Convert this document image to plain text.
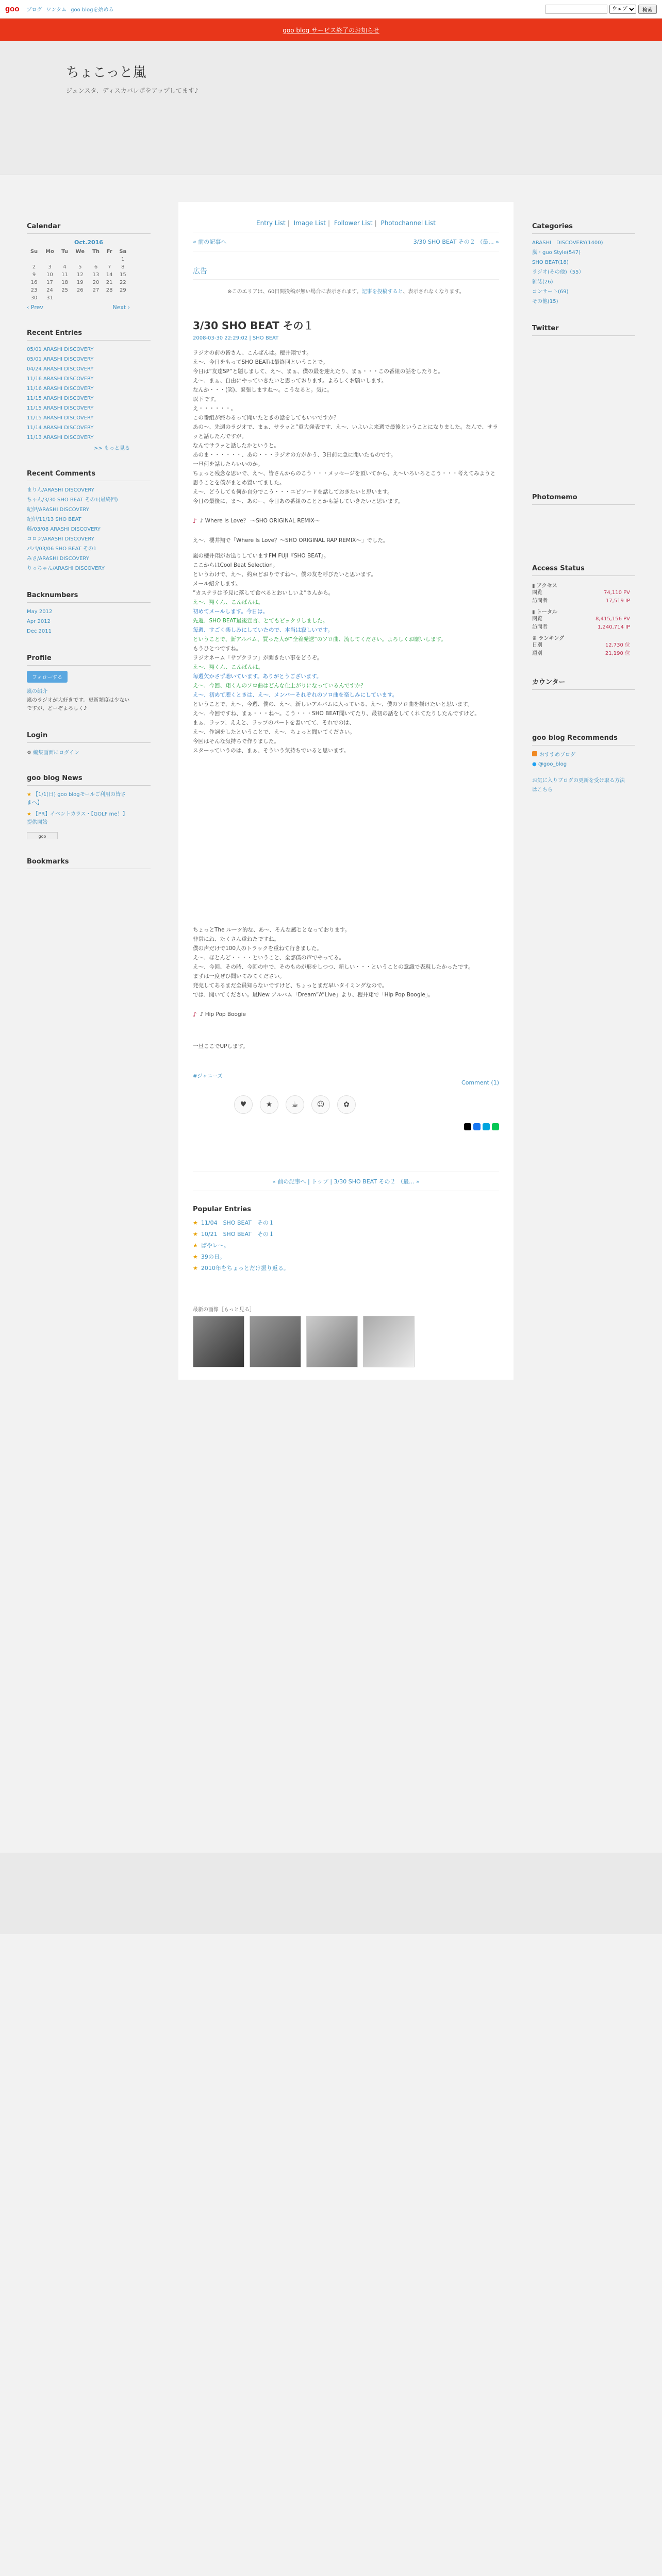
goo ブログ ワンタム goo blogを始める
ウェブ	検索
goo blog サービス終了のお知らせ
ちょこっと嵐
ジュンスタ、ディスカバレポをアップしてます♪
Calendar
Oct.2016
Su	Mo	Tu	We	Th	Fr	Sa
						1
2	3	4	5	6	7	8
9	10	11	12	13	14	15
16	17	18	19	20	21	22
23	24	25	26	27	28	29
30	31					
‹ Prev	Next ›
Recent Entries
05/01 ARASHI DISCOVERY
05/01 ARASHI DISCOVERY
04/24 ARASHI DISCOVERY
11/16 ARASHI DISCOVERY
11/16 ARASHI DISCOVERY
11/15 ARASHI DISCOVERY
11/15 ARASHI DISCOVERY
11/15 ARASHI DISCOVERY
11/14 ARASHI DISCOVERY
11/13 ARASHI DISCOVERY
>> もっと見る
Recent Comments
まりん/ARASHI DISCOVERY
ちゃん/3/30 SHO BEAT その1(最終回)
紀伊/ARASHI DISCOVERY
紀伊/11/13 SHO BEAT
藤/03/08 ARASHI DISCOVERY
コロン/ARASHI DISCOVERY
パパ/03/06 SHO BEAT その1
みさ/ARASHI DISCOVERY
りっちゃん/ARASHI DISCOVERY
Backnumbers
May 2012
Apr 2012
Dec 2011
Profile
フォローする
嵐の紹介
嵐のラジオが大好きです。更新頻度は少ないですが、どーぞよろしく♪
Login
⚙ 編集画面にログイン
goo blog News
★ 【1/1(日) goo blogモールご利用の皆さまへ】
★ 【PR】イベントカラス・【GOLF me！】提供開始
goo
Bookmarks
Entry List | Image List | Follower List | Photochannel List
« 前の記事へ	3/30 SHO BEAT その２ （最... »
広告
※このエリアは、60日間投稿が無い場合に表示されます。記事を投稿すると、表示されなくなります。
3/30 SHO BEAT その１
2008-03-30 22:29:02 | SHO BEAT

ラジオの前の皆さん、こんばんは。櫻井翔です。

え～、今日をもってSHO BEATは最終回ということで。

今日は”友達SP”と題しまして、え～、まぁ、僕の最を迎えたり、まぁ・・・この番組の話をしたりと。

え～、まぁ、自由にやっていきたいと思っております。よろしくお願いします。

なんか・・・(笑)、緊張しますね～。こうなると。気に。

以下です。

え・・・・・・。

この番組が終わるって聞いたときの話をしてもいいですか？

あの～、先週のラジオで、まぁ、サラッと”重大発表です、え～、いよいよ来週で最後ということになりました。なんで、サラッと話したんですが。

なんでサラッと話したかというと。

あのま・・・・・・、あの・・・ラジオの方がかう、3日前に急に聞いたものです。

一旦何を話したらいいのか。

ちょっと残念な思いで、え～、皆さんからのこう・・・メッセージを頂いてから、え～いろいろとこう・・・考えてみようと思うことを僕がまとめ置いてました。

え～、どうしても何か自分でこう・・・エピソードを話しておきたいと思います。

今日の最後に、ま～、あのー、今日あの番組のこととかも話していきたいと思います。

♪ ♪ Where Is Love？ ～SHO ORIGINAL REMIX～

え～、櫻井翔で「Where Is Love？～SHO ORIGINAL RAP REMIX～」でした。

嵐の櫻井翔がお送りしていますFM FUJI『SHO BEAT』。

ここからはCool Beat Selection。

というわけで、え～、約束どおりですね～、僕の友を呼びたいと思います。

メール紹介します。

”カステラは予見に落して食べるとおいしいよ”さんから。

え～、翔くん、こんばんは。

初めてメールします。今日は。

先週、SHO BEAT最後宣言、とてもビックリしました。

毎週、すごく楽しみにしていたので、本当は寂しいです。

ということで、新アルバム、買った人が”全着発送”のソロ曲、流してください。よろしくお願いします。

もうひとつですね。

ラジオネーム「サブクラフ」が聞きたい事をどうぞ。

え～、翔くん、こんばんは。

毎週欠かさず聴いています。ありがとうございます。

え～、今回、翔くんのソロ曲はどんな仕上がりになっているんですか？

え～、初めて聴くときは、え～、メンバーそれぞれのソロ曲を楽しみにしています。

ということで、え～、今週、僕の、え～、新しいアルバムに入っている、え～、僕のソロ曲を掛けたいと思います。

え～、今回ですね、まぁ・・・ね～。こう・・・SHO BEAT聞いてたり、最初の話をしてくれてたりしたんですけど。

まぁ、ラップ、ええと、ラップのパートを書いてて、それでのは、

え～、作詞をしたということで、え～、ちょっと聞いてください。

今回はそんな気持ちで作りました。

スターっていうのは、まぁ、そういう気持ちでいると思います。

ちょっとThe ルーツ的な、あ～、そんな感じとなっております。

非常にね、たくさん重ねたですね。

僕の声だけで100人のトラックを重ねて行きました。

え～、ほとんど・・・・ということ、全部僕の声でやってる。

え～、今回、その時、今回の中で、そのものが形をしつつ、新しい・・・ということの意識で表現したかったです。

まずは一度ぜひ聞いてみてください。

発売してあるまだ全員知らないですけど、ちょっとまだ早いタイミングなので。

では、聞いてください。嵐New アルバム「Dream”A”Live」より、櫻井翔で「Hip Pop Boogie」。

♪ ♪ Hip Pop Boogie

一旦ここでUPします。

#ジャニーズ
Comment (1)
♥	★	☕	☺	✿
« 前の記事へ | トップ | 3/30 SHO BEAT その２ （最... »
Popular Entries
★ 11/04　SHO BEAT　その１
★ 10/21　SHO BEAT　その１
★ ぱやレ～。
★ 39の日。
★ 2010年をちょっとだけ振り返る。
最新の画像［もっと見る］
Categories
ARASHI　DISCOVERY(1400)
嵐・guo Style(547)
SHO BEAT(18)
ラジオ(その他)（55）
雑誌(26)
コンサート(69)
その他(15)
Twitter
Photomemo
Access Status
▮ アクセス
閲覧	74,110 PV
訪問者	17,519 IP
▮ トータル
閲覧	8,415,156 PV
訪問者	1,240,714 IP
♛ ランキング
日別	12,730 位
週別	21,190 位
カウンター
goo blog Recommends
おすすめブログ
● @goo_blog
お気に入りブログの更新を受け取る方法はこちら
